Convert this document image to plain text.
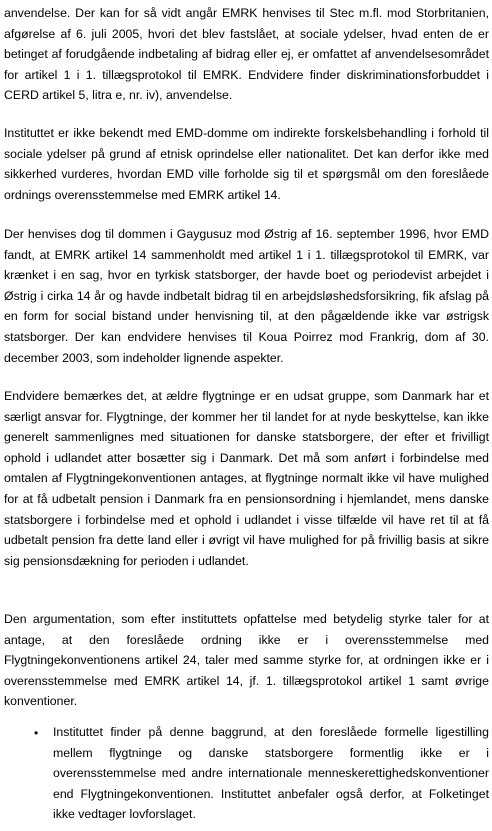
anvendelse. Der kan for så vidt angår EMRK henvises til Stec m.fl. mod Storbritanien, afgørelse af 6. juli 2005, hvori det blev fastslået, at sociale ydelser, hvad enten de er betinget af forudgående indbetaling af bidrag eller ej, er omfattet af anvendelsesområdet for artikel 1 i 1. tillægsprotokol til EMRK. Endvidere finder diskriminationsforbuddet i CERD artikel 5, litra e, nr. iv), anvendelse.

Instituttet er ikke bekendt med EMD-domme om indirekte forskelsbehandling i forhold til sociale ydelser på grund af etnisk oprindelse eller nationalitet. Det kan derfor ikke med sikkerhed vurderes, hvordan EMD ville forholde sig til et spørgsmål om den foreslåede ordnings overensstemmelse med EMRK artikel 14.

Der henvises dog til dommen i Gaygusuz mod Østrig af 16. september 1996, hvor EMD fandt, at EMRK artikel 14 sammenholdt med artikel 1 i 1. tillægsprotokol til EMRK, var krænket i en sag, hvor en tyrkisk statsborger, der havde boet og periodevist arbejdet i Østrig i cirka 14 år og havde indbetalt bidrag til en arbejdsløshedsforsikring, fik afslag på en form for social bistand under henvisning til, at den pågældende ikke var østrigsk statsborger. Der kan endvidere henvises til Koua Poirrez mod Frankrig, dom af 30. december 2003, som indeholder lignende aspekter.

Endvidere bemærkes det, at ældre flygtninge er en udsat gruppe, som Danmark har et særligt ansvar for. Flygtninge, der kommer her til landet for at nyde beskyttelse, kan ikke generelt sammenlignes med situationen for danske statsborgere, der efter et frivilligt ophold i udlandet atter bosætter sig i Danmark. Det må som anført i forbindelse med omtalen af Flygtningekonventionen antages, at flygtninge normalt ikke vil have mulighed for at få udbetalt pension i Danmark fra en pensionsordning i hjemlandet, mens danske statsborgere i forbindelse med et ophold i udlandet i visse tilfælde vil have ret til at få udbetalt pension fra dette land eller i øvrigt vil have mulighed for på frivillig basis at sikre sig pensionsdækning for perioden i udlandet.

Den argumentation, som efter instituttets opfattelse med betydelig styrke taler for at antage, at den foreslåede ordning ikke er i overensstemmelse med Flygtningekonventionens artikel 24, taler med samme styrke for, at ordningen ikke er i overensstemmelse med EMRK artikel 14, jf. 1. tillægsprotokol artikel 1 samt øvrige konventioner.

• Instituttet finder på denne baggrund, at den foreslåede formelle ligestilling mellem flygtninge og danske statsborgere formentlig ikke er i overensstemmelse med andre internationale menneskerettighedskonventioner end Flygtningekonventionen. Instituttet anbefaler også derfor, at Folketinget ikke vedtager lovforslaget.
